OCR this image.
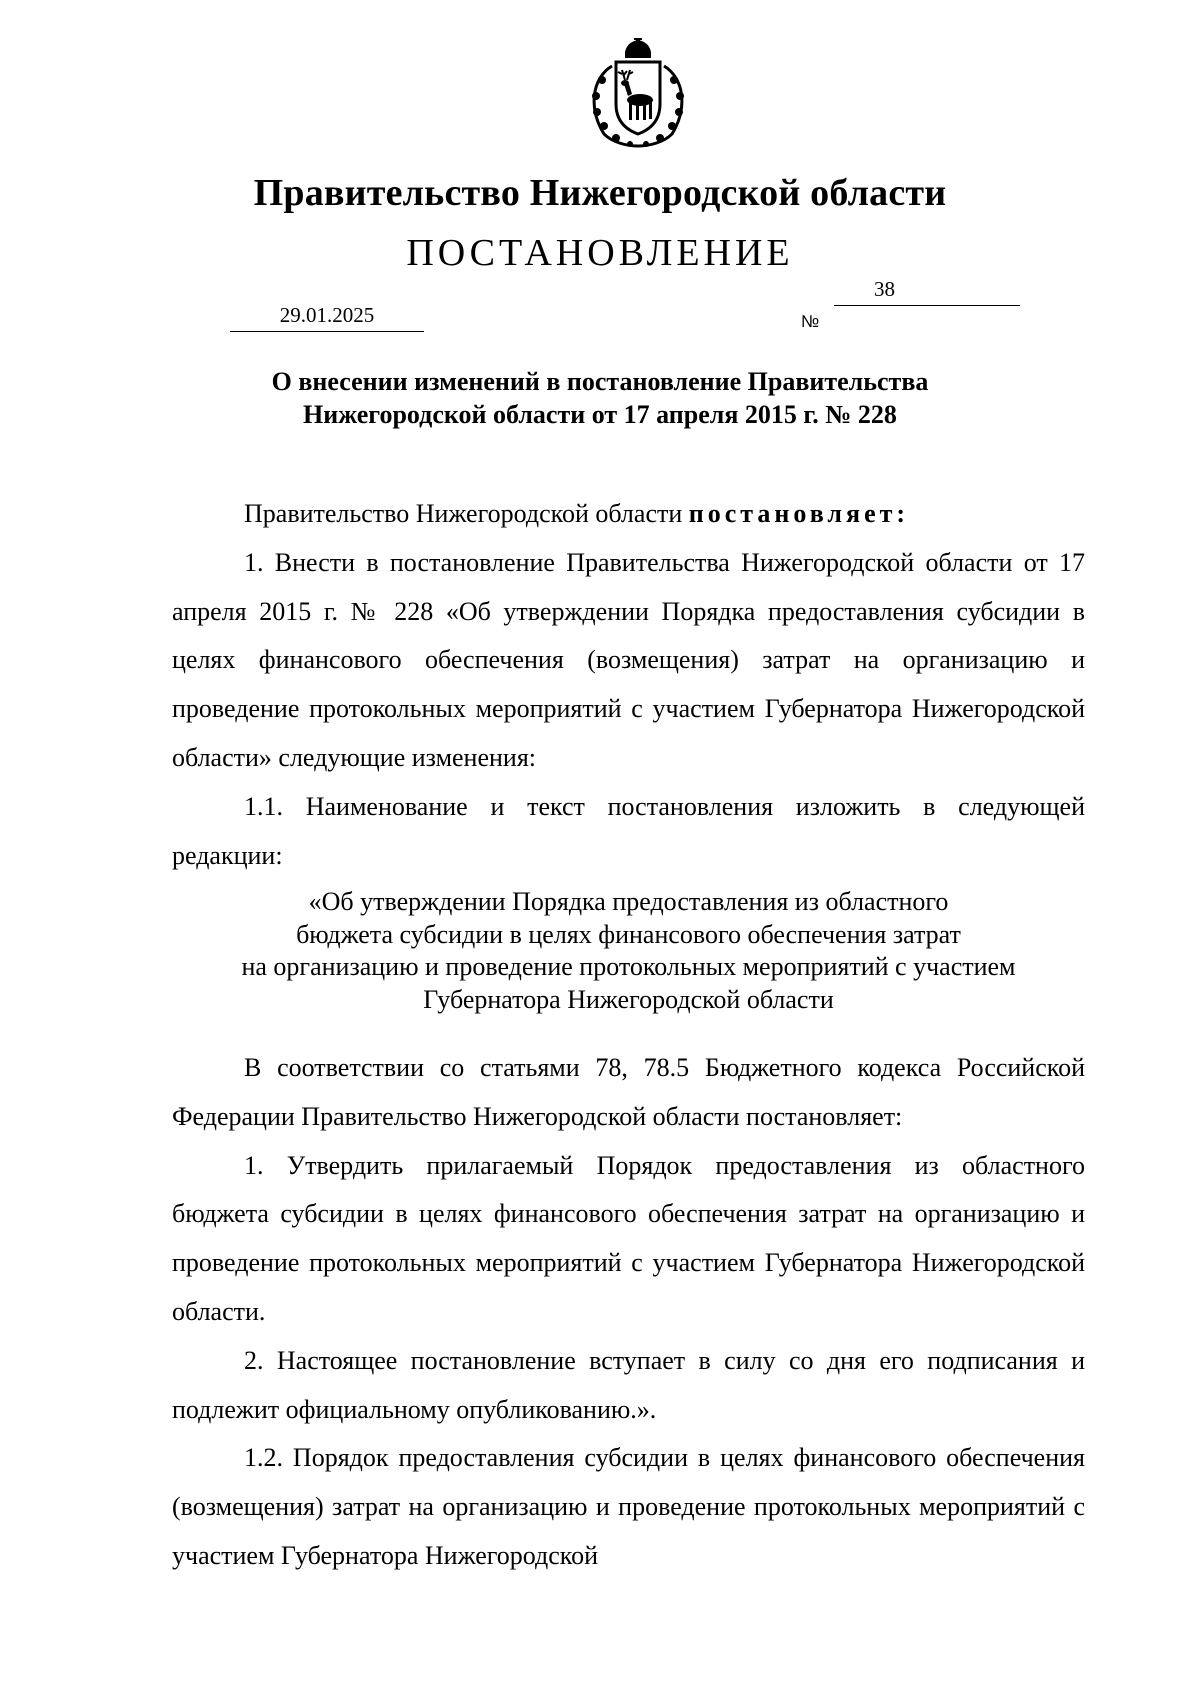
Правительство Нижегородской области
ПОСТАНОВЛЕНИЕ
29.01.2025	№
38
О внесении изменений в постановление Правительства
Нижегородской области от 17 апреля 2015 г. № 228

Правительство Нижегородской области постановляет:

1. Внести в постановление Правительства Нижегородской области от 17 апреля 2015 г. № 228 «Об утверждении Порядка предоставления субсидии в целях финансового обеспечения (возмещения) затрат на организацию и проведение протокольных мероприятий с участием Губернатора Нижегородской области» следующие изменения:

1.1. Наименование и текст постановления изложить в следующей редакции:

«Об утверждении Порядка предоставления из областного
бюджета субсидии в целях финансового обеспечения затрат
на организацию и проведение протокольных мероприятий с участием
Губернатора Нижегородской области

В соответствии со статьями 78, 78.5 Бюджетного кодекса Российской Федерации Правительство Нижегородской области постановляет:

1. Утвердить прилагаемый Порядок предоставления из областного бюджета субсидии в целях финансового обеспечения затрат на организацию и проведение протокольных мероприятий с участием Губернатора Нижегородской области.

2. Настоящее постановление вступает в силу со дня его подписания и подлежит официальному опубликованию.».

1.2. Порядок предоставления субсидии в целях финансового обеспечения (возмещения) затрат на организацию и проведение протокольных мероприятий с участием Губернатора Нижегородской
